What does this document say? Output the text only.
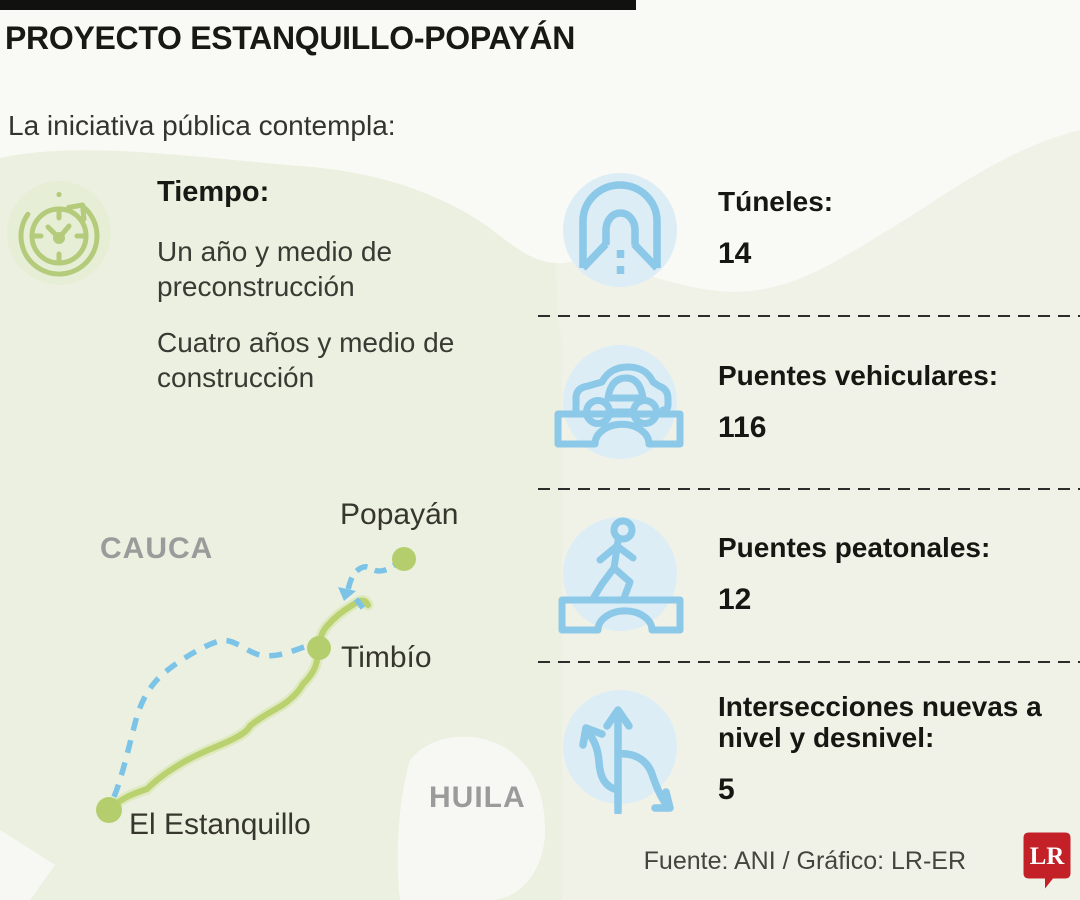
PROYECTO ESTANQUILLO-POPAYÁN
La iniciativa pública contempla:
Tiempo:
Un año y medio de preconstrucción
Cuatro años y medio de construcción
CAUCA
HUILA
Popayán
Timbío
El Estanquillo
Túneles:
14
Puentes vehiculares:
116
Puentes peatonales:
12
Intersecciones nuevas a nivel y desnivel:
5
Fuente: ANI / Gráfico: LR-ER	LR
